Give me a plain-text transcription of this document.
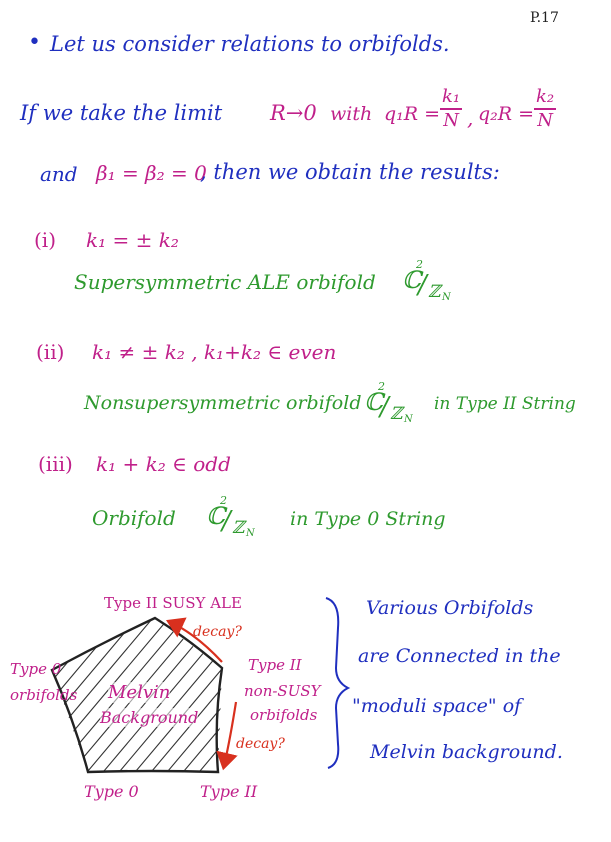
P.17
• Let us consider relations to orbifolds.
If we take the limit R→0 with $q_1R = \frac{\text{k₁}}{N}$ , $q_2R = \frac{\text{k₂}}{N}$
and β₁ = β₂ = 0
, then we obtain the results:
(i) k₁ = ± k₂
Supersymmetric ALE orbifold ℂ
2
/ ℤ N
(ii) k₁ ≠ ± k₂ , k₁+k₂ ∈ even
Nonsupersymmetric orbifold ℂ
2
/ ℤ N
in Type II String
(iii) k₁ + k₂ ∈ odd
Orbifold ℂ
2
/ ℤ N
in Type 0 String
Type II SUSY ALE
decay?
Type II
non-SUSY
orbifolds
decay?
Type 0
orbifolds Melvin
Background
Type 0	Type II
Various Orbifolds
are Connected in the
"moduli space" of
Melvin background.
